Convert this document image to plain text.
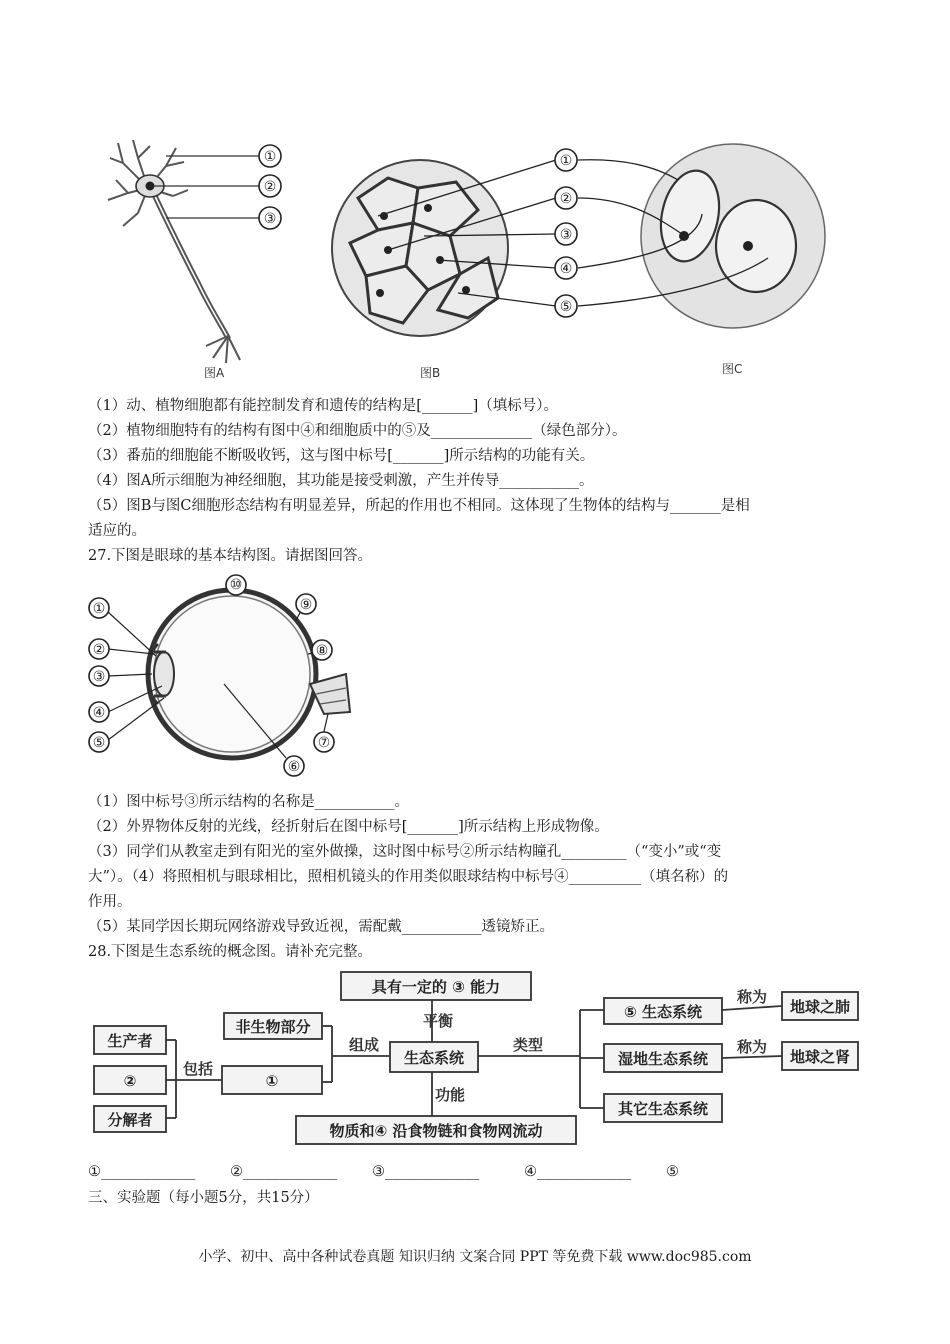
①
②
③
①
②
③
④
⑤
图A	图B	图C
（1）动、植物细胞都有能控制发育和遗传的结构是[_______]（填标号）。
（2）植物细胞特有的结构有图中④和细胞质中的⑤及______________（绿色部分）。
（3）番茄的细胞能不断吸收钙，这与图中标号[_______]所示结构的功能有关。
（4）图A所示细胞为神经细胞，其功能是接受刺激，产生并传导___________。
（5）图B与图C细胞形态结构有明显差异，所起的作用也不相同。这体现了生物体的结构与_______是相
适应的。
27.下图是眼球的基本结构图。请据图回答。
①
②
③
④
⑤
⑥
⑦
⑧
⑨
⑩
（1）图中标号③所示结构的名称是___________。
（2）外界物体反射的光线，经折射后在图中标号[_______]所示结构上形成物像。
（3）同学们从教室走到有阳光的室外做操，这时图中标号②所示结构瞳孔_________（“变小”或“变
大”）。（4）将照相机与眼球相比，照相机镜头的作用类似眼球结构中标号④__________（填名称）的
作用。
（5）某同学因长期玩网络游戏导致近视，需配戴___________透镜矫正。
28.下图是生态系统的概念图。请补充完整。
具有一定的 ③ 能力
平衡
非生物部分
组成
生态系统
类型
生产者
②
分解者
包括
①
功能
物质和④ 沿食物链和食物网流动
⑤ 生态系统
湿地生态系统
其它生态系统
称为
称为
地球之肺
地球之肾
①_____________ ②_____________ ③_____________	④_____________ ⑤
三、实验题（每小题5分，共15分）
小学、初中、高中各种试卷真题 知识归纳 文案合同 PPT 等免费下载 www.doc985.com
